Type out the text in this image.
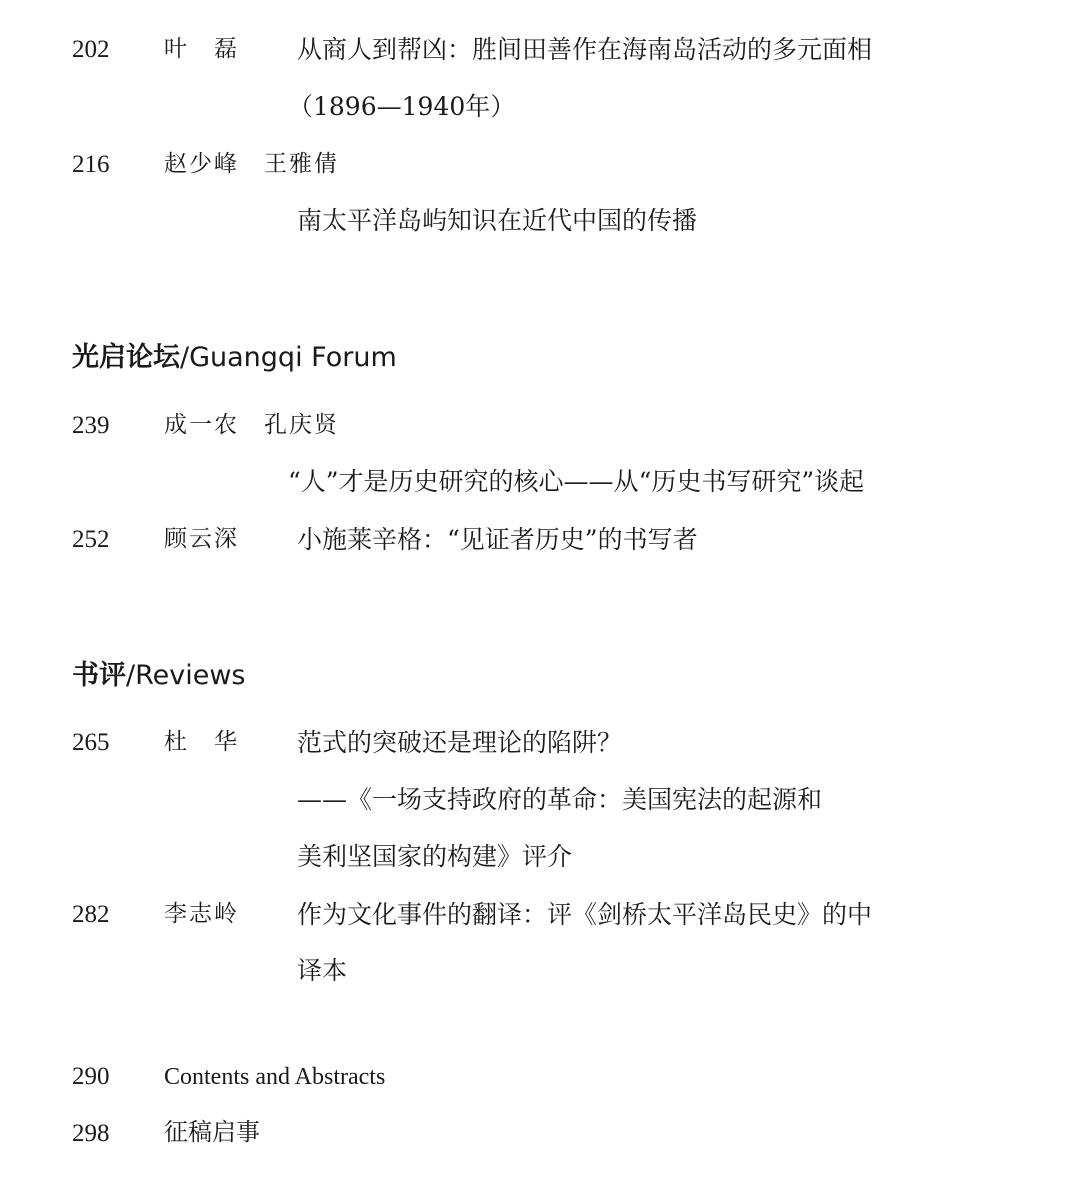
202 叶　磊 从商人到帮凶：胜间田善作在海南岛活动的多元面相
（1896—1940年）
216 赵少峰　王雅倩
南太平洋岛屿知识在近代中国的传播
光启论坛/Guangqi Forum
239 成一农　孔庆贤
“人”才是历史研究的核心——从“历史书写研究”谈起
252 顾云深 小施莱辛格：“见证者历史”的书写者
书评/Reviews
265 杜　华 范式的突破还是理论的陷阱？
——《一场支持政府的革命：美国宪法的起源和
美利坚国家的构建》评介
282 李志岭 作为文化事件的翻译：评《剑桥太平洋岛民史》的中
译本
290 Contents and Abstracts
298 征稿启事
